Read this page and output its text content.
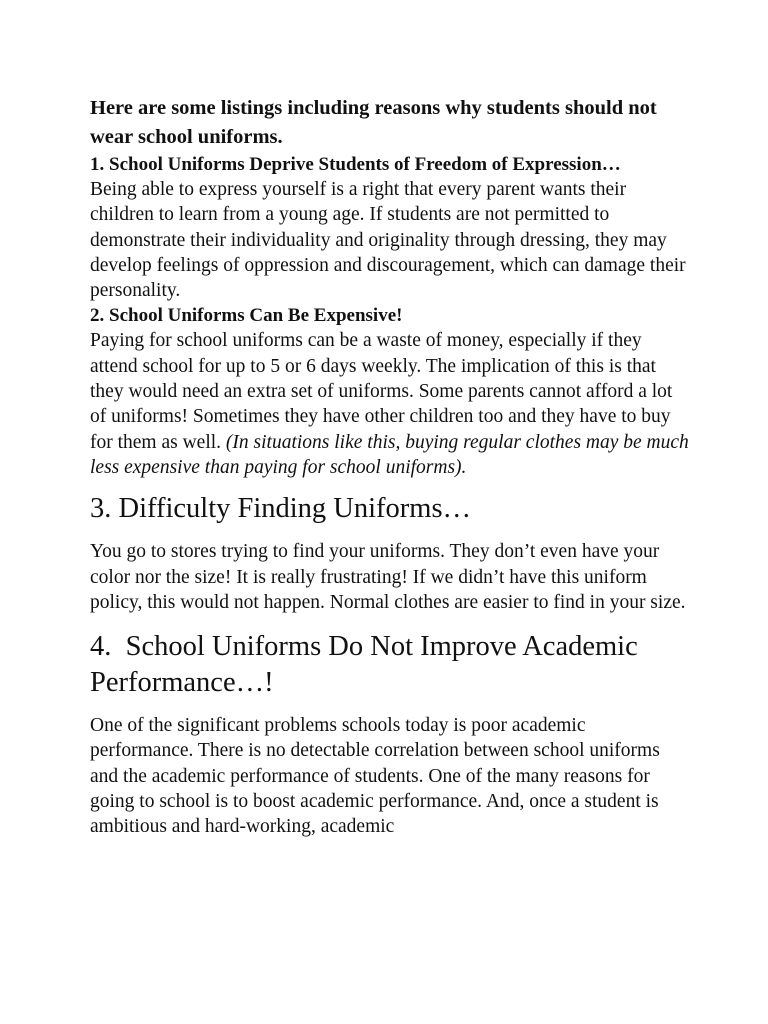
Here are some listings including reasons why students should not wear school uniforms.

1. School Uniforms Deprive Students of Freedom of Expression…

Being able to express yourself is a right that every parent wants their children to learn from a young age. If students are not permitted to demonstrate their individuality and originality through dressing, they may develop feelings of oppression and discouragement, which can damage their personality.

2. School Uniforms Can Be Expensive!

Paying for school uniforms can be a waste of money, especially if they attend school for up to 5 or 6 days weekly. The implication of this is that they would need an extra set of uniforms. Some parents cannot afford a lot of uniforms! Sometimes they have other children too and they have to buy for them as well. (In situations like this, buying regular clothes may be much less expensive than paying for school uniforms).

3. Difficulty Finding Uniforms…

You go to stores trying to find your uniforms. They don’t even have your color nor the size! It is really frustrating! If we didn’t have this uniform policy, this would not happen. Normal clothes are easier to find in your size.

4.  School Uniforms Do Not Improve Academic Performance…!

One of the significant problems schools today is poor academic performance. There is no detectable correlation between school uniforms and the academic performance of students. One of the many reasons for going to school is to boost academic performance. And, once a student is ambitious and hard-working, academic
